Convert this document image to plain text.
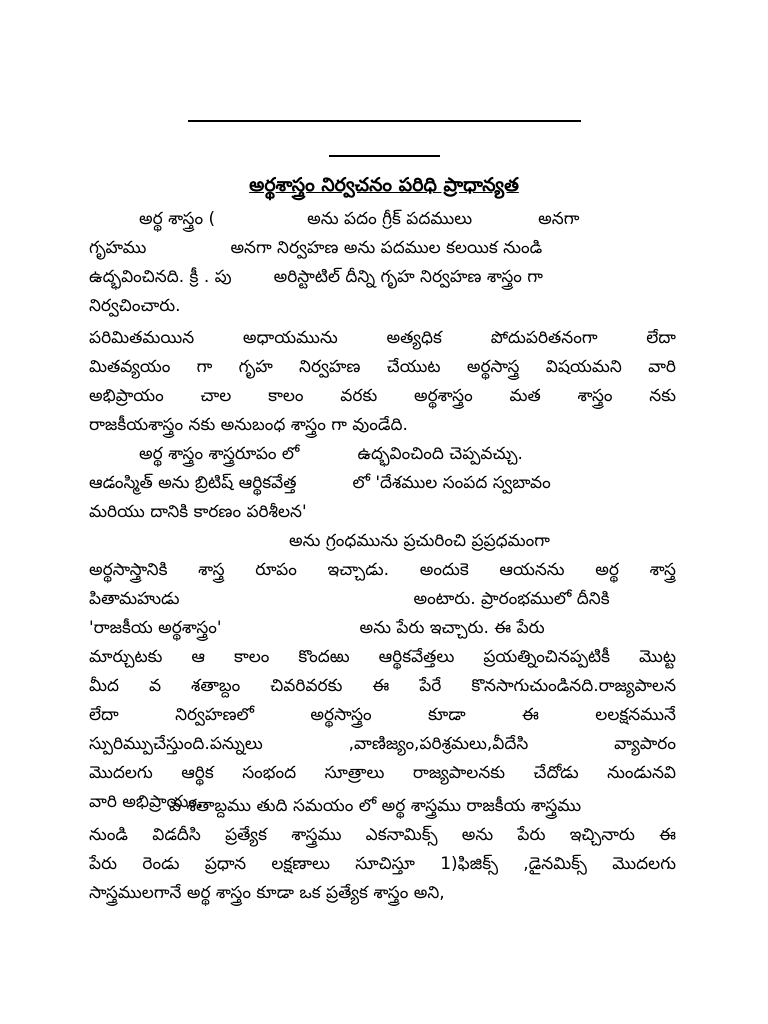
అర్థశాస్త్రం నిర్వచనం పరిధి ప్రాధాన్యత
అర్థ శాస్త్రం (	అను పదం గ్రీక్ పదములు	అనగా
గృహము	అనగా నిర్వహణ అను పదముల కలయిక నుండి
ఉద్భవించినది. క్రీ . పు అరిస్టాటిల్ దీన్ని గృహ నిర్వహణ శాస్త్రం గా
నిర్వచించారు.
పరిమితమయిన అధాయమును అత్యధిక పోదుపరితనంగా లేదా
మితవ్యయం గా గృహ నిర్వహణ చేయుట అర్థసాస్త్ర విషయమని వారి
అభిప్రాయం చాల కాలం వరకు అర్థశాస్త్రం మత శాస్త్రం నకు
రాజకీయశాస్త్రం నకు అనుబంధ శాస్త్రం గా వుండేది.
అర్థ శాస్త్రం శాస్త్రరూపం లో	ఉద్భవించింది చెప్పవచ్చు.
ఆడంస్మిత్ అను బ్రిటిష్ ఆర్థికవేత్త	లో 'దేశముల సంపద స్వబావం
మరియు దానికి కారణం పరిశీలన'
అను గ్రంధమును ప్రచురించి ప్రప్రధమంగా
అర్థసాస్త్రానికి శాస్త్ర రూపం ఇచ్చాడు. అందుకె ఆయనను అర్థ శాస్త్ర
పితామహుడు	అంటారు. ప్రారంభములో దీనికి
'రాజకీయ అర్థశాస్త్రం'	అను పేరు ఇచ్చారు. ఈ పేరు
మార్చుటకు ఆ కాలం కొందఱు ఆర్థికవేత్తలు ప్రయత్నించినప్పటికీ మొట్ట
మీద వ శతాబ్దం చివరివరకు ఈ పేరే కొనసాగుచుండినది.రాజ్యపాలన
లేదా నిర్వహణలో అర్థసాస్త్రం కూడా ఈ లలక్షనమునే
స్పురిమ్పుచేస్తుంది.పన్నులు ,వాణిజ్యం,పరిశ్రమలు,వీదేసి వ్యాపారం
మొదలగు ఆర్థిక సంభంద సూత్రాలు రాజ్యపాలనకు చేదోడు నుండునవి
వారి అభిప్రాయం.
వ శతాబ్దము తుది సమయం లో అర్థ శాస్త్రము రాజకీయ శాస్త్రము
నుండి విడదీసి ప్రత్యేక శాస్త్రము ఎకనామిక్స్ అను పేరు ఇచ్చినారు ఈ
పేరు రెండు ప్రధాన లక్షణాలు సూచిస్తూ 1)ఫిజిక్స్ ,డైనమిక్స్ మొదలగు
సాస్త్రములగానే అర్థ శాస్త్రం కూడా ఒక ప్రత్యేక శాస్త్రం అని,
